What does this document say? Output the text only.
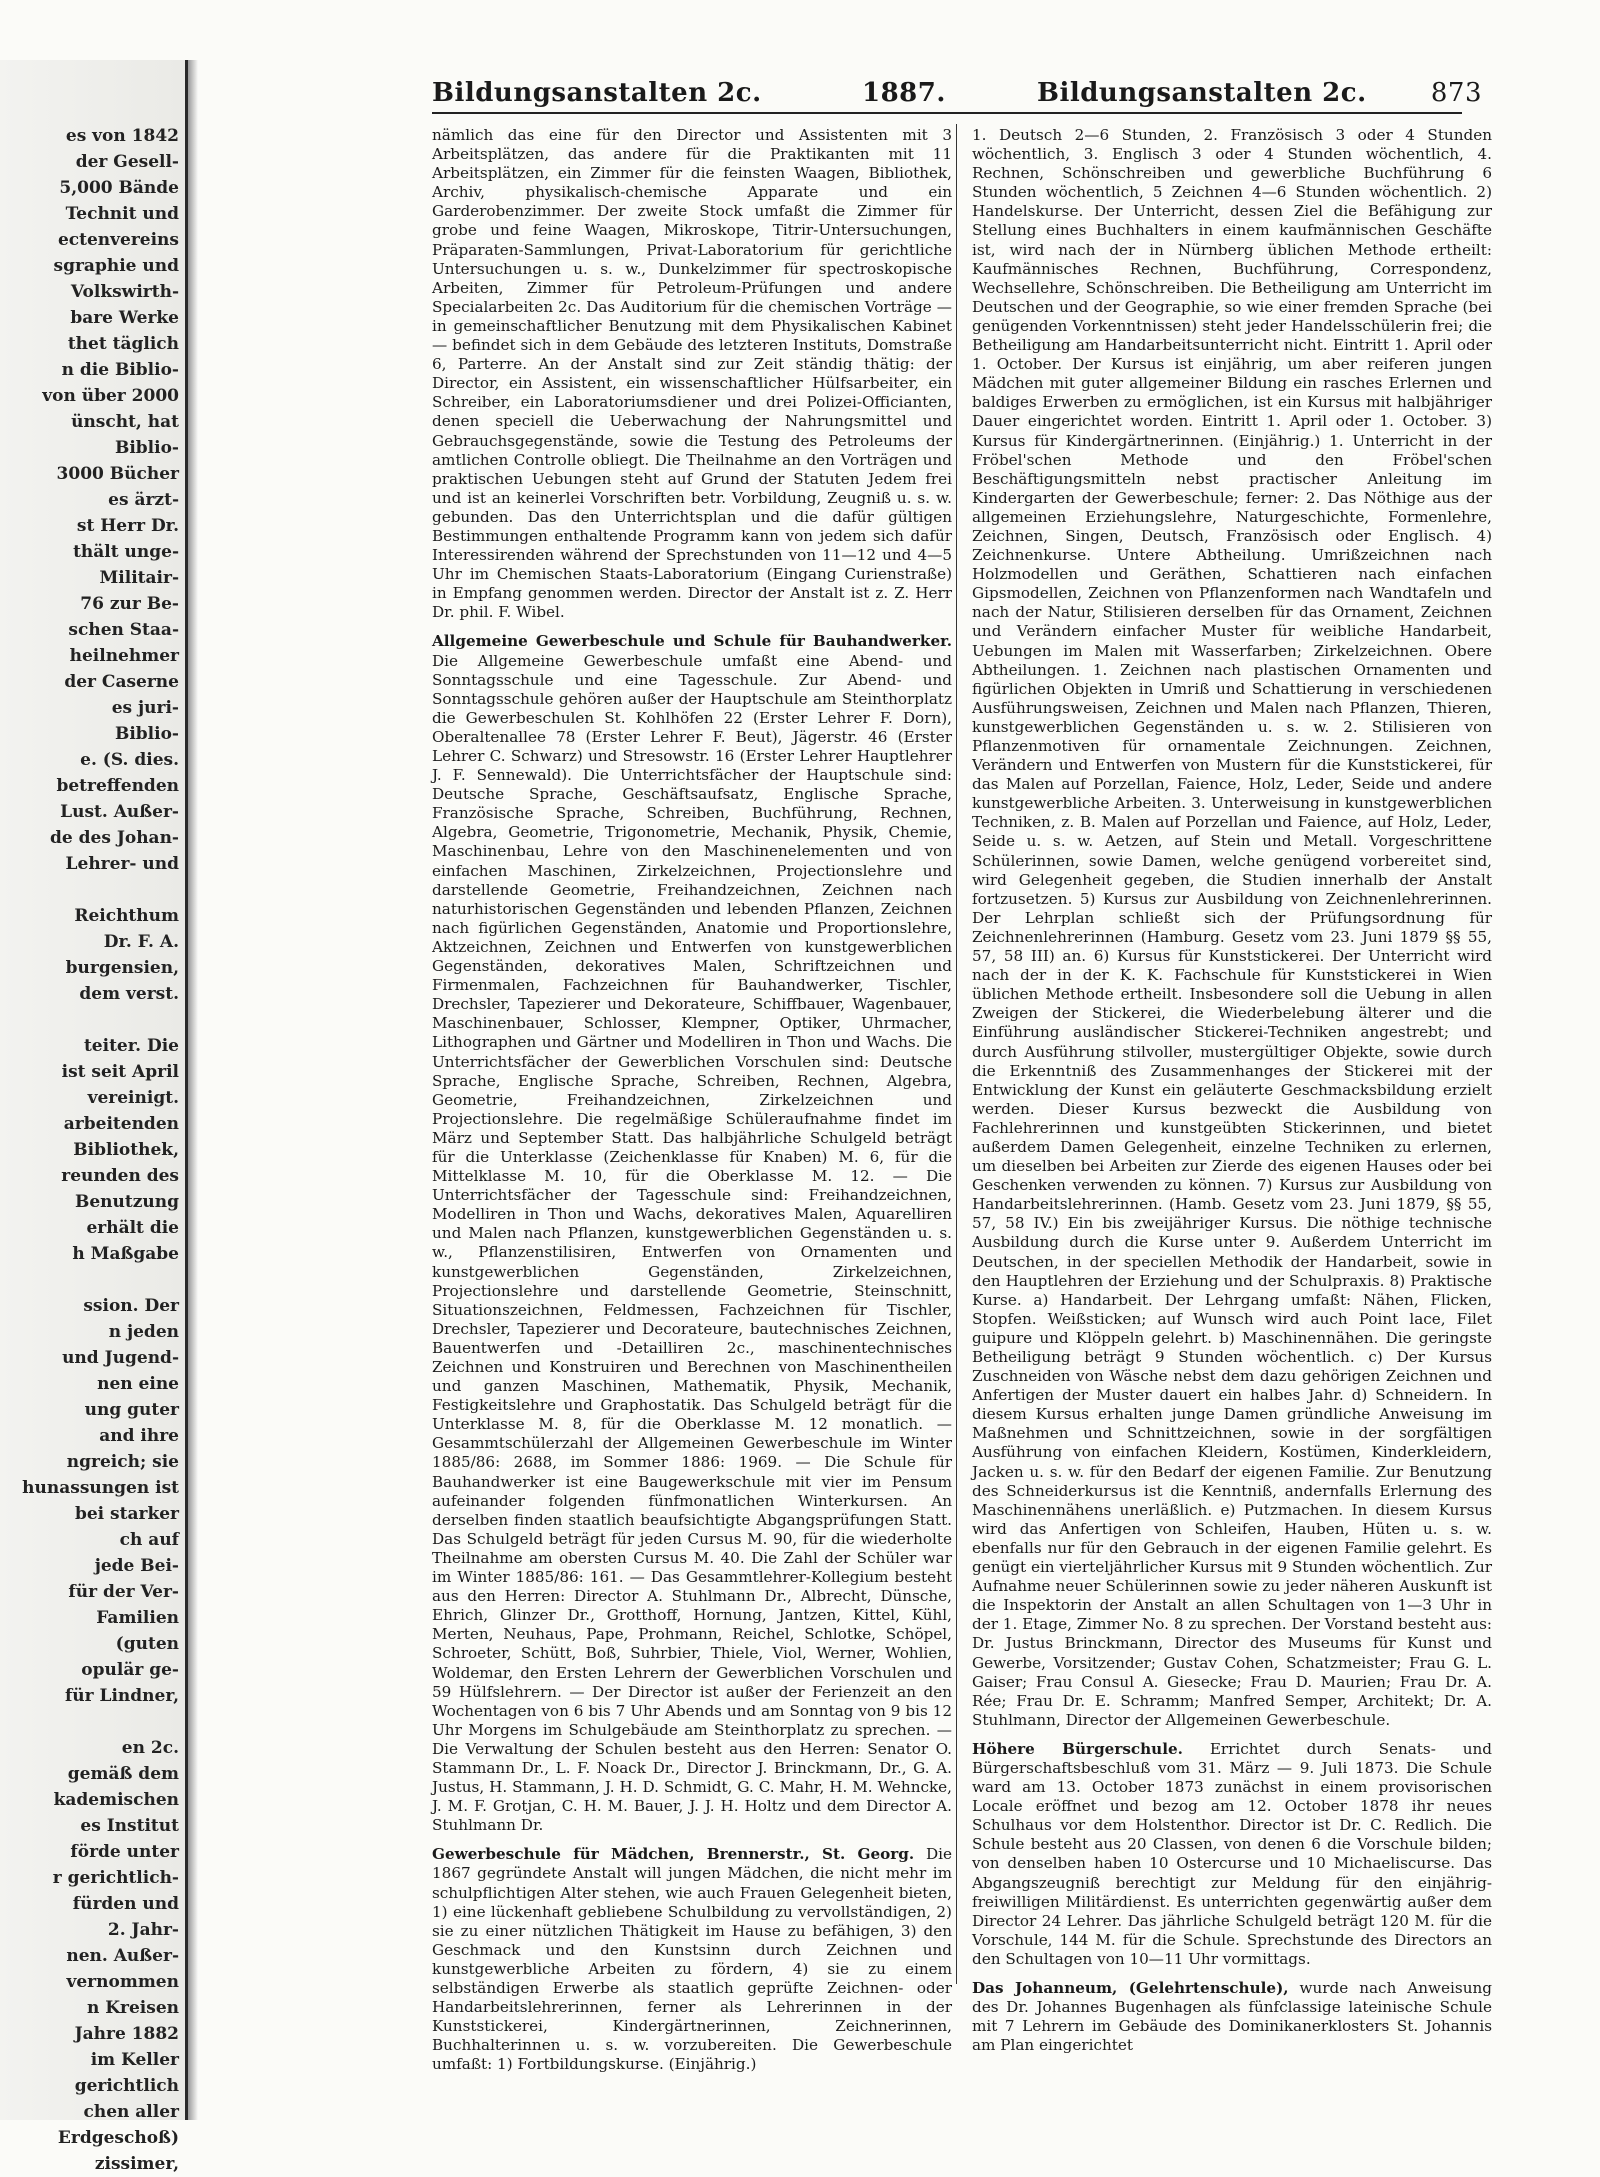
es von 1842
der Gesell-
5,000 Bände
Technit und
ectenvereins
sgraphie und
Volkswirth-
bare Werke
thet täglich
n die Biblio-
von über 2000
ünscht, hat
Biblio-
3000 Bücher
es ärzt-
st Herr Dr.
thält unge-
Militair-
76 zur Be-
schen Staa-
heilnehmer
der Caserne
es juri-
Biblio-
e. (S. dies.
betreffenden
Lust. Außer-
de des Johan-
Lehrer- und

Reichthum
Dr. F. A.
burgensien,
dem verst.

teiter. Die
ist seit April
vereinigt.
arbeitenden
Bibliothek,
reunden des
Benutzung
erhält die
h Maßgabe

ssion. Der
n jeden
und Jugend-
nen eine
ung guter
and ihre
ngreich; sie
hunassungen ist
bei starker
ch auf
jede Bei-
für der Ver-
Familien
(guten
opulär ge-
für Lindner,

en 2c.
gemäß dem
kademischen
es Institut
förde unter
r gerichtlich-
fürden und
2. Jahr-
nen. Außer-
vernommen
n Kreisen
Jahre 1882
im Keller
gerichtlich
chen aller
Erdgeschoß)
zissimer,
Bildungsanstalten 2c.	1887.	Bildungsanstalten 2c. 873

nämlich das eine für den Director und Assistenten mit 3 Arbeitsplätzen, das andere für die Praktikanten mit 11 Arbeitsplätzen, ein Zimmer für die feinsten Waagen, Bibliothek, Archiv, physikalisch-chemische Apparate und ein Garderobenzimmer. Der zweite Stock umfaßt die Zimmer für grobe und feine Waagen, Mikroskope, Titrir-Untersuchungen, Präparaten-Sammlungen, Privat-Laboratorium für gerichtliche Untersuchungen u. s. w., Dunkelzimmer für spectroskopische Arbeiten, Zimmer für Petroleum-Prüfungen und andere Specialarbeiten 2c. Das Auditorium für die chemischen Vorträge — in gemeinschaftlicher Benutzung mit dem Physikalischen Kabinet — befindet sich in dem Gebäude des letzteren Instituts, Domstraße 6, Parterre. An der Anstalt sind zur Zeit ständig thätig: der Director, ein Assistent, ein wissenschaftlicher Hülfsarbeiter, ein Schreiber, ein Laboratoriumsdiener und drei Polizei-Officianten, denen speciell die Ueberwachung der Nahrungsmittel und Gebrauchsgegenstände, sowie die Testung des Petroleums der amtlichen Controlle obliegt. Die Theilnahme an den Vorträgen und praktischen Uebungen steht auf Grund der Statuten Jedem frei und ist an keinerlei Vorschriften betr. Vorbildung, Zeugniß u. s. w. gebunden. Das den Unterrichtsplan und die dafür gültigen Bestimmungen enthaltende Programm kann von jedem sich dafür Interessirenden während der Sprechstunden von 11—12 und 4—5 Uhr im Chemischen Staats-Laboratorium (Eingang Curienstraße) in Empfang genommen werden. Director der Anstalt ist z. Z. Herr Dr. phil. F. Wibel.

Allgemeine Gewerbeschule und Schule für Bauhandwerker. Die Allgemeine Gewerbeschule umfaßt eine Abend- und Sonntagsschule und eine Tagesschule. Zur Abend- und Sonntagsschule gehören außer der Hauptschule am Steinthorplatz die Gewerbeschulen St. Kohlhöfen 22 (Erster Lehrer F. Dorn), Oberaltenallee 78 (Erster Lehrer F. Beut), Jägerstr. 46 (Erster Lehrer C. Schwarz) und Stresowstr. 16 (Erster Lehrer Hauptlehrer J. F. Sennewald). Die Unterrichtsfächer der Hauptschule sind: Deutsche Sprache, Geschäftsaufsatz, Englische Sprache, Französische Sprache, Schreiben, Buchführung, Rechnen, Algebra, Geometrie, Trigonometrie, Mechanik, Physik, Chemie, Maschinenbau, Lehre von den Maschinenelementen und von einfachen Maschinen, Zirkelzeichnen, Projectionslehre und darstellende Geometrie, Freihandzeichnen, Zeichnen nach naturhistorischen Gegenständen und lebenden Pflanzen, Zeichnen nach figürlichen Gegenständen, Anatomie und Proportionslehre, Aktzeichnen, Zeichnen und Entwerfen von kunstgewerblichen Gegenständen, dekoratives Malen, Schriftzeichnen und Firmenmalen, Fachzeichnen für Bauhandwerker, Tischler, Drechsler, Tapezierer und Dekorateure, Schiffbauer, Wagenbauer, Maschinenbauer, Schlosser, Klempner, Optiker, Uhrmacher, Lithographen und Gärtner und Modelliren in Thon und Wachs. Die Unterrichtsfächer der Gewerblichen Vorschulen sind: Deutsche Sprache, Englische Sprache, Schreiben, Rechnen, Algebra, Geometrie, Freihandzeichnen, Zirkelzeichnen und Projectionslehre. Die regelmäßige Schüleraufnahme findet im März und September Statt. Das halbjährliche Schulgeld beträgt für die Unterklasse (Zeichenklasse für Knaben) M. 6, für die Mittelklasse M. 10, für die Oberklasse M. 12. — Die Unterrichtsfächer der Tagesschule sind: Freihandzeichnen, Modelliren in Thon und Wachs, dekoratives Malen, Aquarelliren und Malen nach Pflanzen, kunstgewerblichen Gegenständen u. s. w., Pflanzenstilisiren, Entwerfen von Ornamenten und kunstgewerblichen Gegenständen, Zirkelzeichnen, Projectionslehre und darstellende Geometrie, Steinschnitt, Situationszeichnen, Feldmessen, Fachzeichnen für Tischler, Drechsler, Tapezierer und Decorateure, bautechnisches Zeichnen, Bauentwerfen und -Detailliren 2c., maschinentechnisches Zeichnen und Konstruiren und Berechnen von Maschinentheilen und ganzen Maschinen, Mathematik, Physik, Mechanik, Festigkeitslehre und Graphostatik. Das Schulgeld beträgt für die Unterklasse M. 8, für die Oberklasse M. 12 monatlich. — Gesammtschülerzahl der Allgemeinen Gewerbeschule im Winter 1885/86: 2688, im Sommer 1886: 1969. — Die Schule für Bauhandwerker ist eine Baugewerkschule mit vier im Pensum aufeinander folgenden fünfmonatlichen Winterkursen. An derselben finden staatlich beaufsichtigte Abgangsprüfungen Statt. Das Schulgeld beträgt für jeden Cursus M. 90, für die wiederholte Theilnahme am obersten Cursus M. 40. Die Zahl der Schüler war im Winter 1885/86: 161. — Das Gesammtlehrer-Kollegium besteht aus den Herren: Director A. Stuhlmann Dr., Albrecht, Dünsche, Ehrich, Glinzer Dr., Grotthoff, Hornung, Jantzen, Kittel, Kühl, Merten, Neuhaus, Pape, Prohmann, Reichel, Schlotke, Schöpel, Schroeter, Schütt, Boß, Suhrbier, Thiele, Viol, Werner, Wohlien, Woldemar, den Ersten Lehrern der Gewerblichen Vorschulen und 59 Hülfslehrern. — Der Director ist außer der Ferienzeit an den Wochentagen von 6 bis 7 Uhr Abends und am Sonntag von 9 bis 12 Uhr Morgens im Schulgebäude am Steinthorplatz zu sprechen. — Die Verwaltung der Schulen besteht aus den Herren: Senator O. Stammann Dr., L. F. Noack Dr., Director J. Brinckmann, Dr., G. A. Justus, H. Stammann, J. H. D. Schmidt, G. C. Mahr, H. M. Wehncke, J. M. F. Grotjan, C. H. M. Bauer, J. J. H. Holtz und dem Director A. Stuhlmann Dr.

Gewerbeschule für Mädchen, Brennerstr., St. Georg. Die 1867 gegründete Anstalt will jungen Mädchen, die nicht mehr im schulpflichtigen Alter stehen, wie auch Frauen Gelegenheit bieten, 1) eine lückenhaft gebliebene Schulbildung zu vervollständigen, 2) sie zu einer nützlichen Thätigkeit im Hause zu befähigen, 3) den Geschmack und den Kunstsinn durch Zeichnen und kunstgewerbliche Arbeiten zu fördern, 4) sie zu einem selbständigen Erwerbe als staatlich geprüfte Zeichnen- oder Handarbeitslehrerinnen, ferner als Lehrerinnen in der Kunststickerei, Kindergärtnerinnen, Zeichnerinnen, Buchhalterinnen u. s. w. vorzubereiten. Die Gewerbeschule umfaßt: 1) Fortbildungskurse. (Einjährig.)

1. Deutsch 2—6 Stunden, 2. Französisch 3 oder 4 Stunden wöchentlich, 3. Englisch 3 oder 4 Stunden wöchentlich, 4. Rechnen, Schönschreiben und gewerbliche Buchführung 6 Stunden wöchentlich, 5 Zeichnen 4—6 Stunden wöchentlich. 2) Handelskurse. Der Unterricht, dessen Ziel die Befähigung zur Stellung eines Buchhalters in einem kaufmännischen Geschäfte ist, wird nach der in Nürnberg üblichen Methode ertheilt: Kaufmännisches Rechnen, Buchführung, Correspondenz, Wechsellehre, Schönschreiben. Die Betheiligung am Unterricht im Deutschen und der Geographie, so wie einer fremden Sprache (bei genügenden Vorkenntnissen) steht jeder Handelsschülerin frei; die Betheiligung am Handarbeitsunterricht nicht. Eintritt 1. April oder 1. October. Der Kursus ist einjährig, um aber reiferen jungen Mädchen mit guter allgemeiner Bildung ein rasches Erlernen und baldiges Erwerben zu ermöglichen, ist ein Kursus mit halbjähriger Dauer eingerichtet worden. Eintritt 1. April oder 1. October. 3) Kursus für Kindergärtnerinnen. (Einjährig.) 1. Unterricht in der Fröbel'schen Methode und den Fröbel'schen Beschäftigungsmitteln nebst practischer Anleitung im Kindergarten der Gewerbeschule; ferner: 2. Das Nöthige aus der allgemeinen Erziehungslehre, Naturgeschichte, Formenlehre, Zeichnen, Singen, Deutsch, Französisch oder Englisch. 4) Zeichnenkurse. Untere Abtheilung. Umrißzeichnen nach Holzmodellen und Geräthen, Schattieren nach einfachen Gipsmodellen, Zeichnen von Pflanzenformen nach Wandtafeln und nach der Natur, Stilisieren derselben für das Ornament, Zeichnen und Verändern einfacher Muster für weibliche Handarbeit, Uebungen im Malen mit Wasserfarben; Zirkelzeichnen. Obere Abtheilungen. 1. Zeichnen nach plastischen Ornamenten und figürlichen Objekten in Umriß und Schattierung in verschiedenen Ausführungsweisen, Zeichnen und Malen nach Pflanzen, Thieren, kunstgewerblichen Gegenständen u. s. w. 2. Stilisieren von Pflanzenmotiven für ornamentale Zeichnungen. Zeichnen, Verändern und Entwerfen von Mustern für die Kunststickerei, für das Malen auf Porzellan, Faience, Holz, Leder, Seide und andere kunstgewerbliche Arbeiten. 3. Unterweisung in kunstgewerblichen Techniken, z. B. Malen auf Porzellan und Faience, auf Holz, Leder, Seide u. s. w. Aetzen, auf Stein und Metall. Vorgeschrittene Schülerinnen, sowie Damen, welche genügend vorbereitet sind, wird Gelegenheit gegeben, die Studien innerhalb der Anstalt fortzusetzen. 5) Kursus zur Ausbildung von Zeichnenlehrerinnen. Der Lehrplan schließt sich der Prüfungsordnung für Zeichnenlehrerinnen (Hamburg. Gesetz vom 23. Juni 1879 §§ 55, 57, 58 III) an. 6) Kursus für Kunststickerei. Der Unterricht wird nach der in der K. K. Fachschule für Kunststickerei in Wien üblichen Methode ertheilt. Insbesondere soll die Uebung in allen Zweigen der Stickerei, die Wiederbelebung älterer und die Einführung ausländischer Stickerei-Techniken angestrebt; und durch Ausführung stilvoller, mustergültiger Objekte, sowie durch die Erkenntniß des Zusammenhanges der Stickerei mit der Entwicklung der Kunst ein geläuterte Geschmacksbildung erzielt werden. Dieser Kursus bezweckt die Ausbildung von Fachlehrerinnen und kunstgeübten Stickerinnen, und bietet außerdem Damen Gelegenheit, einzelne Techniken zu erlernen, um dieselben bei Arbeiten zur Zierde des eigenen Hauses oder bei Geschenken verwenden zu können. 7) Kursus zur Ausbildung von Handarbeitslehrerinnen. (Hamb. Gesetz vom 23. Juni 1879, §§ 55, 57, 58 IV.) Ein bis zweijähriger Kursus. Die nöthige technische Ausbildung durch die Kurse unter 9. Außerdem Unterricht im Deutschen, in der speciellen Methodik der Handarbeit, sowie in den Hauptlehren der Erziehung und der Schulpraxis. 8) Praktische Kurse. a) Handarbeit. Der Lehrgang umfaßt: Nähen, Flicken, Stopfen. Weißsticken; auf Wunsch wird auch Point lace, Filet guipure und Klöppeln gelehrt. b) Maschinennähen. Die geringste Betheiligung beträgt 9 Stunden wöchentlich. c) Der Kursus Zuschneiden von Wäsche nebst dem dazu gehörigen Zeichnen und Anfertigen der Muster dauert ein halbes Jahr. d) Schneidern. In diesem Kursus erhalten junge Damen gründliche Anweisung im Maßnehmen und Schnittzeichnen, sowie in der sorgfältigen Ausführung von einfachen Kleidern, Kostümen, Kinderkleidern, Jacken u. s. w. für den Bedarf der eigenen Familie. Zur Benutzung des Schneiderkursus ist die Kenntniß, andernfalls Erlernung des Maschinennähens unerläßlich. e) Putzmachen. In diesem Kursus wird das Anfertigen von Schleifen, Hauben, Hüten u. s. w. ebenfalls nur für den Gebrauch in der eigenen Familie gelehrt. Es genügt ein vierteljährlicher Kursus mit 9 Stunden wöchentlich. Zur Aufnahme neuer Schülerinnen sowie zu jeder näheren Auskunft ist die Inspektorin der Anstalt an allen Schultagen von 1—3 Uhr in der 1. Etage, Zimmer No. 8 zu sprechen. Der Vorstand besteht aus: Dr. Justus Brinckmann, Director des Museums für Kunst und Gewerbe, Vorsitzender; Gustav Cohen, Schatzmeister; Frau G. L. Gaiser; Frau Consul A. Giesecke; Frau D. Maurien; Frau Dr. A. Rée; Frau Dr. E. Schramm; Manfred Semper, Architekt; Dr. A. Stuhlmann, Director der Allgemeinen Gewerbeschule.

Höhere Bürgerschule. Errichtet durch Senats- und Bürgerschaftsbeschluß vom 31. März — 9. Juli 1873. Die Schule ward am 13. October 1873 zunächst in einem provisorischen Locale eröffnet und bezog am 12. October 1878 ihr neues Schulhaus vor dem Holstenthor. Director ist Dr. C. Redlich. Die Schule besteht aus 20 Classen, von denen 6 die Vorschule bilden; von denselben haben 10 Ostercurse und 10 Michaeliscurse. Das Abgangszeugniß berechtigt zur Meldung für den einjährig-freiwilligen Militärdienst. Es unterrichten gegenwärtig außer dem Director 24 Lehrer. Das jährliche Schulgeld beträgt 120 M. für die Vorschule, 144 M. für die Schule. Sprechstunde des Directors an den Schultagen von 10—11 Uhr vormittags.

Das Johanneum, (Gelehrtenschule), wurde nach Anweisung des Dr. Johannes Bugenhagen als fünfclassige lateinische Schule mit 7 Lehrern im Gebäude des Dominikanerklosters St. Johannis am Plan eingerichtet
